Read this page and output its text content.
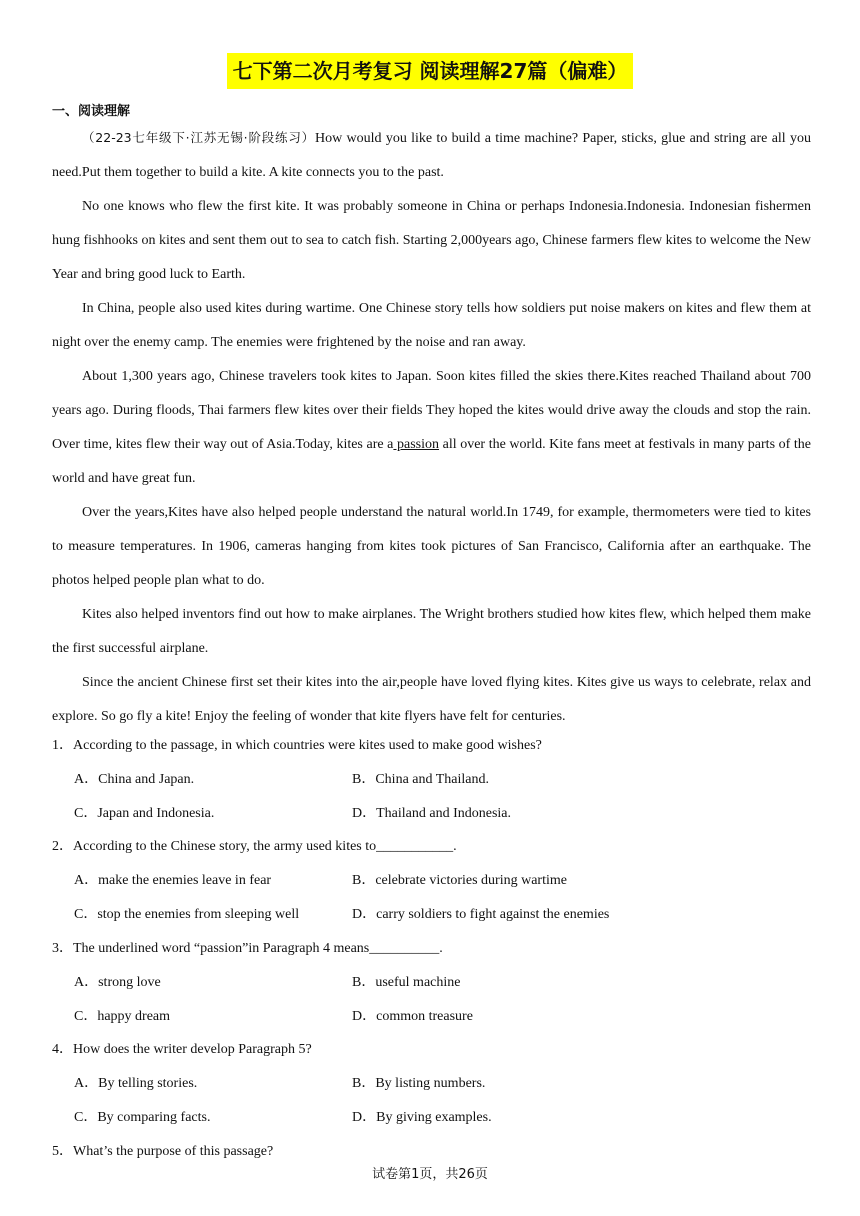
七下第二次月考复习 阅读理解27篇（偏难）
一、阅读理解

（22-23七年级下·江苏无锡·阶段练习）How would you like to build a time machine? Paper, sticks, glue and string are all you need.Put them together to build a kite. A kite connects you to the past.

No one knows who flew the first kite. It was probably someone in China or perhaps Indonesia.Indonesia. Indonesian fishermen hung fishhooks on kites and sent them out to sea to catch fish. Starting 2,000years ago, Chinese farmers flew kites to welcome the New Year and bring good luck to Earth.

In China, people also used kites during wartime. One Chinese story tells how soldiers put noise makers on kites and flew them at night over the enemy camp. The enemies were frightened by the noise and ran away.

About 1,300 years ago, Chinese travelers took kites to Japan. Soon kites filled the skies there.Kites reached Thailand about 700 years ago. During floods, Thai farmers flew kites over their fields They hoped the kites would drive away the clouds and stop the rain. Over time, kites flew their way out of Asia.Today, kites are a passion all over the world. Kite fans meet at festivals in many parts of the world and have great fun.

Over the years,Kites have also helped people understand the natural world.In 1749, for example, thermometers were tied to kites to measure temperatures. In 1906, cameras hanging from kites took pictures of San Francisco, California after an earthquake. The photos helped people plan what to do.

Kites also helped inventors find out how to make airplanes. The Wright brothers studied how kites flew, which helped them make the first successful airplane.

Since the ancient Chinese first set their kites into the air,people have loved flying kites. Kites give us ways to celebrate, relax and explore. So go fly a kite! Enjoy the feeling of wonder that kite flyers have felt for centuries.

1．According to the passage, in which countries were kites used to make good wishes?
A．China and Japan.	B．China and Thailand.
C．Japan and Indonesia.	D．Thailand and Indonesia.
2．According to the Chinese story, the army used kites to___________.
A．make the enemies leave in fear	B．celebrate victories during wartime
C．stop the enemies from sleeping well	D．carry soldiers to fight against the enemies
3．The underlined word “passion”in Paragraph 4 means__________.
A．strong love	B．useful machine
C．happy dream	D．common treasure
4．How does the writer develop Paragraph 5?
A．By telling stories.	B．By listing numbers.
C．By comparing facts.	D．By giving examples.
5．What’s the purpose of this passage?
试卷第1页，共26页
